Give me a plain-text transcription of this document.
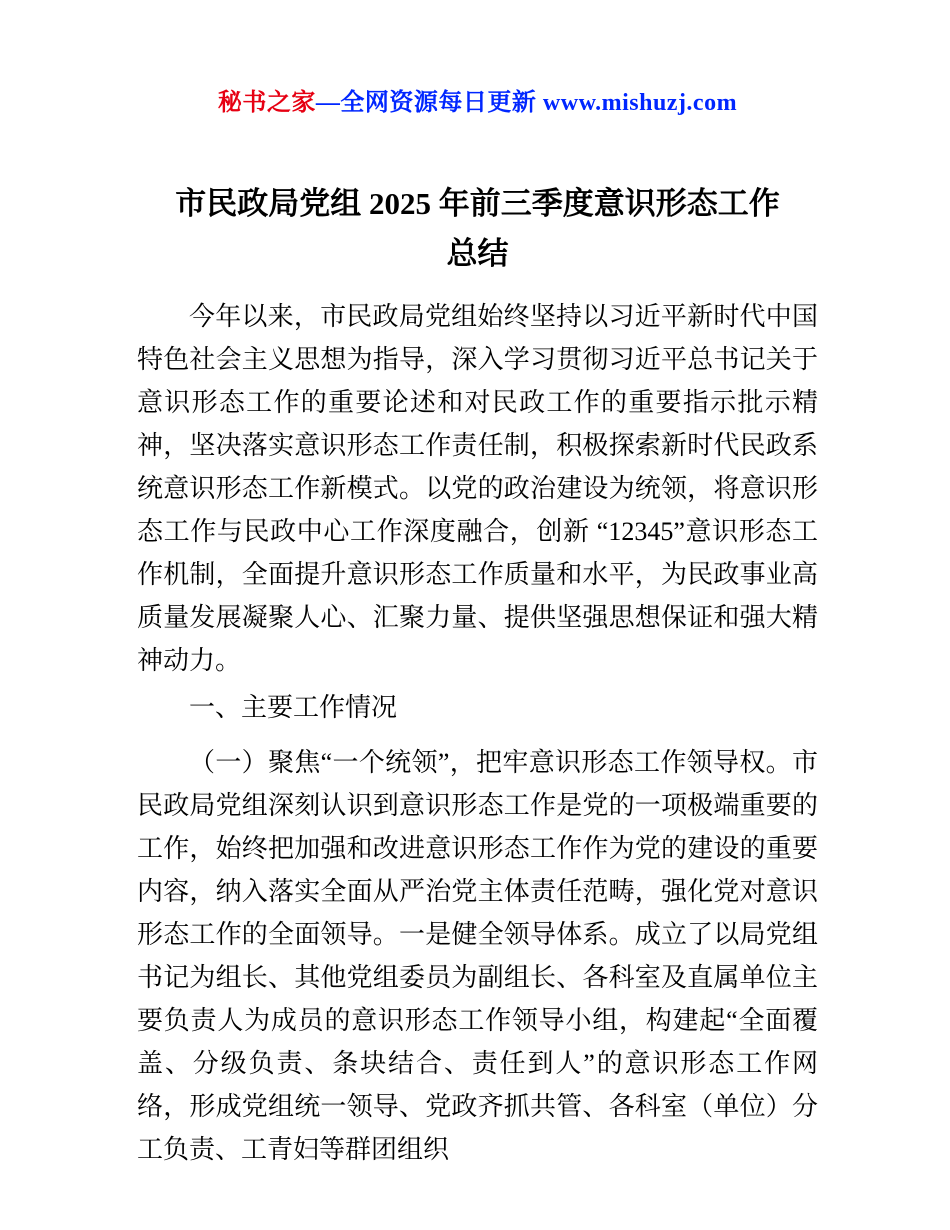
秘书之家—全网资源每日更新 www.mishuzj.com
市民政局党组 2025 年前三季度意识形态工作
总结

今年以来，市民政局党组始终坚持以习近平新时代中国特色社会主义思想为指导，深入学习贯彻习近平总书记关于意识形态工作的重要论述和对民政工作的重要指示批示精神，坚决落实意识形态工作责任制，积极探索新时代民政系统意识形态工作新模式。以党的政治建设为统领，将意识形态工作与民政中心工作深度融合，创新 “12345”意识形态工作机制，全面提升意识形态工作质量和水平，为民政事业高质量发展凝聚人心、汇聚力量、提供坚强思想保证和强大精神动力。

一、主要工作情况

（一）聚焦“一个统领”，把牢意识形态工作领导权。市民政局党组深刻认识到意识形态工作是党的一项极端重要的工作，始终把加强和改进意识形态工作作为党的建设的重要内容，纳入落实全面从严治党主体责任范畴，强化党对意识形态工作的全面领导。一是健全领导体系。成立了以局党组书记为组长、其他党组委员为副组长、各科室及直属单位主要负责人为成员的意识形态工作领导小组，构建起“全面覆盖、分级负责、条块结合、责任到人”的意识形态工作网络，形成党组统一领导、党政齐抓共管、各科室（单位）分工负责、工青妇等群团组织
